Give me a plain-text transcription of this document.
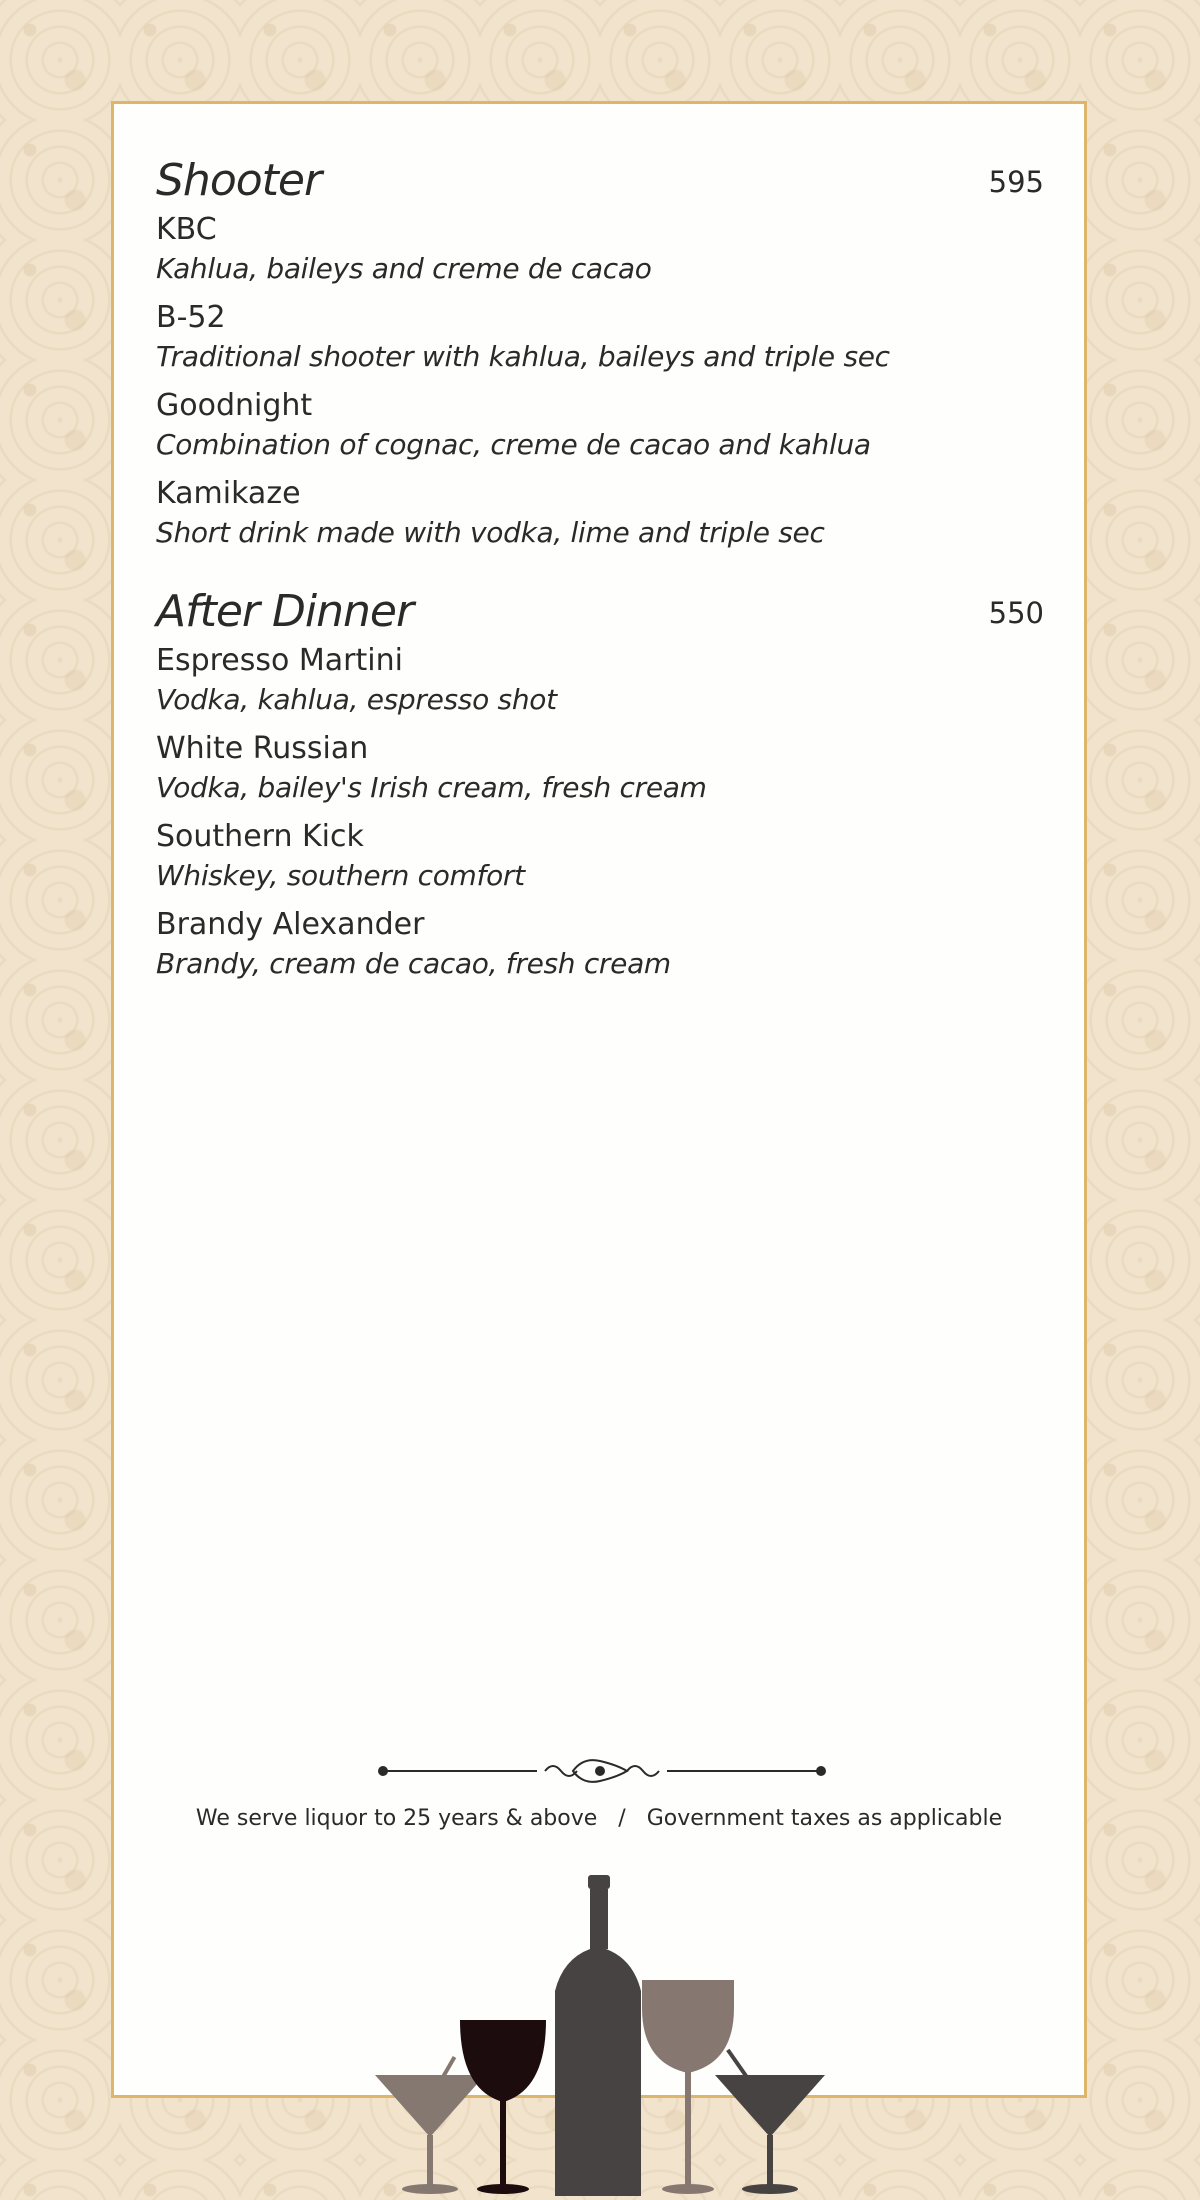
Shooter	595
KBC
Kahlua, baileys and creme de cacao
B-52
Traditional shooter with kahlua, baileys and triple sec
Goodnight
Combination of cognac, creme de cacao and kahlua
Kamikaze
Short drink made with vodka, lime and triple sec
After Dinner	550
Espresso Martini
Vodka, kahlua, espresso shot
White Russian
Vodka, bailey's Irish cream, fresh cream
Southern Kick
Whiskey, southern comfort
Brandy Alexander
Brandy, cream de cacao, fresh cream
We serve liquor to 25 years & above / Government taxes as applicable
